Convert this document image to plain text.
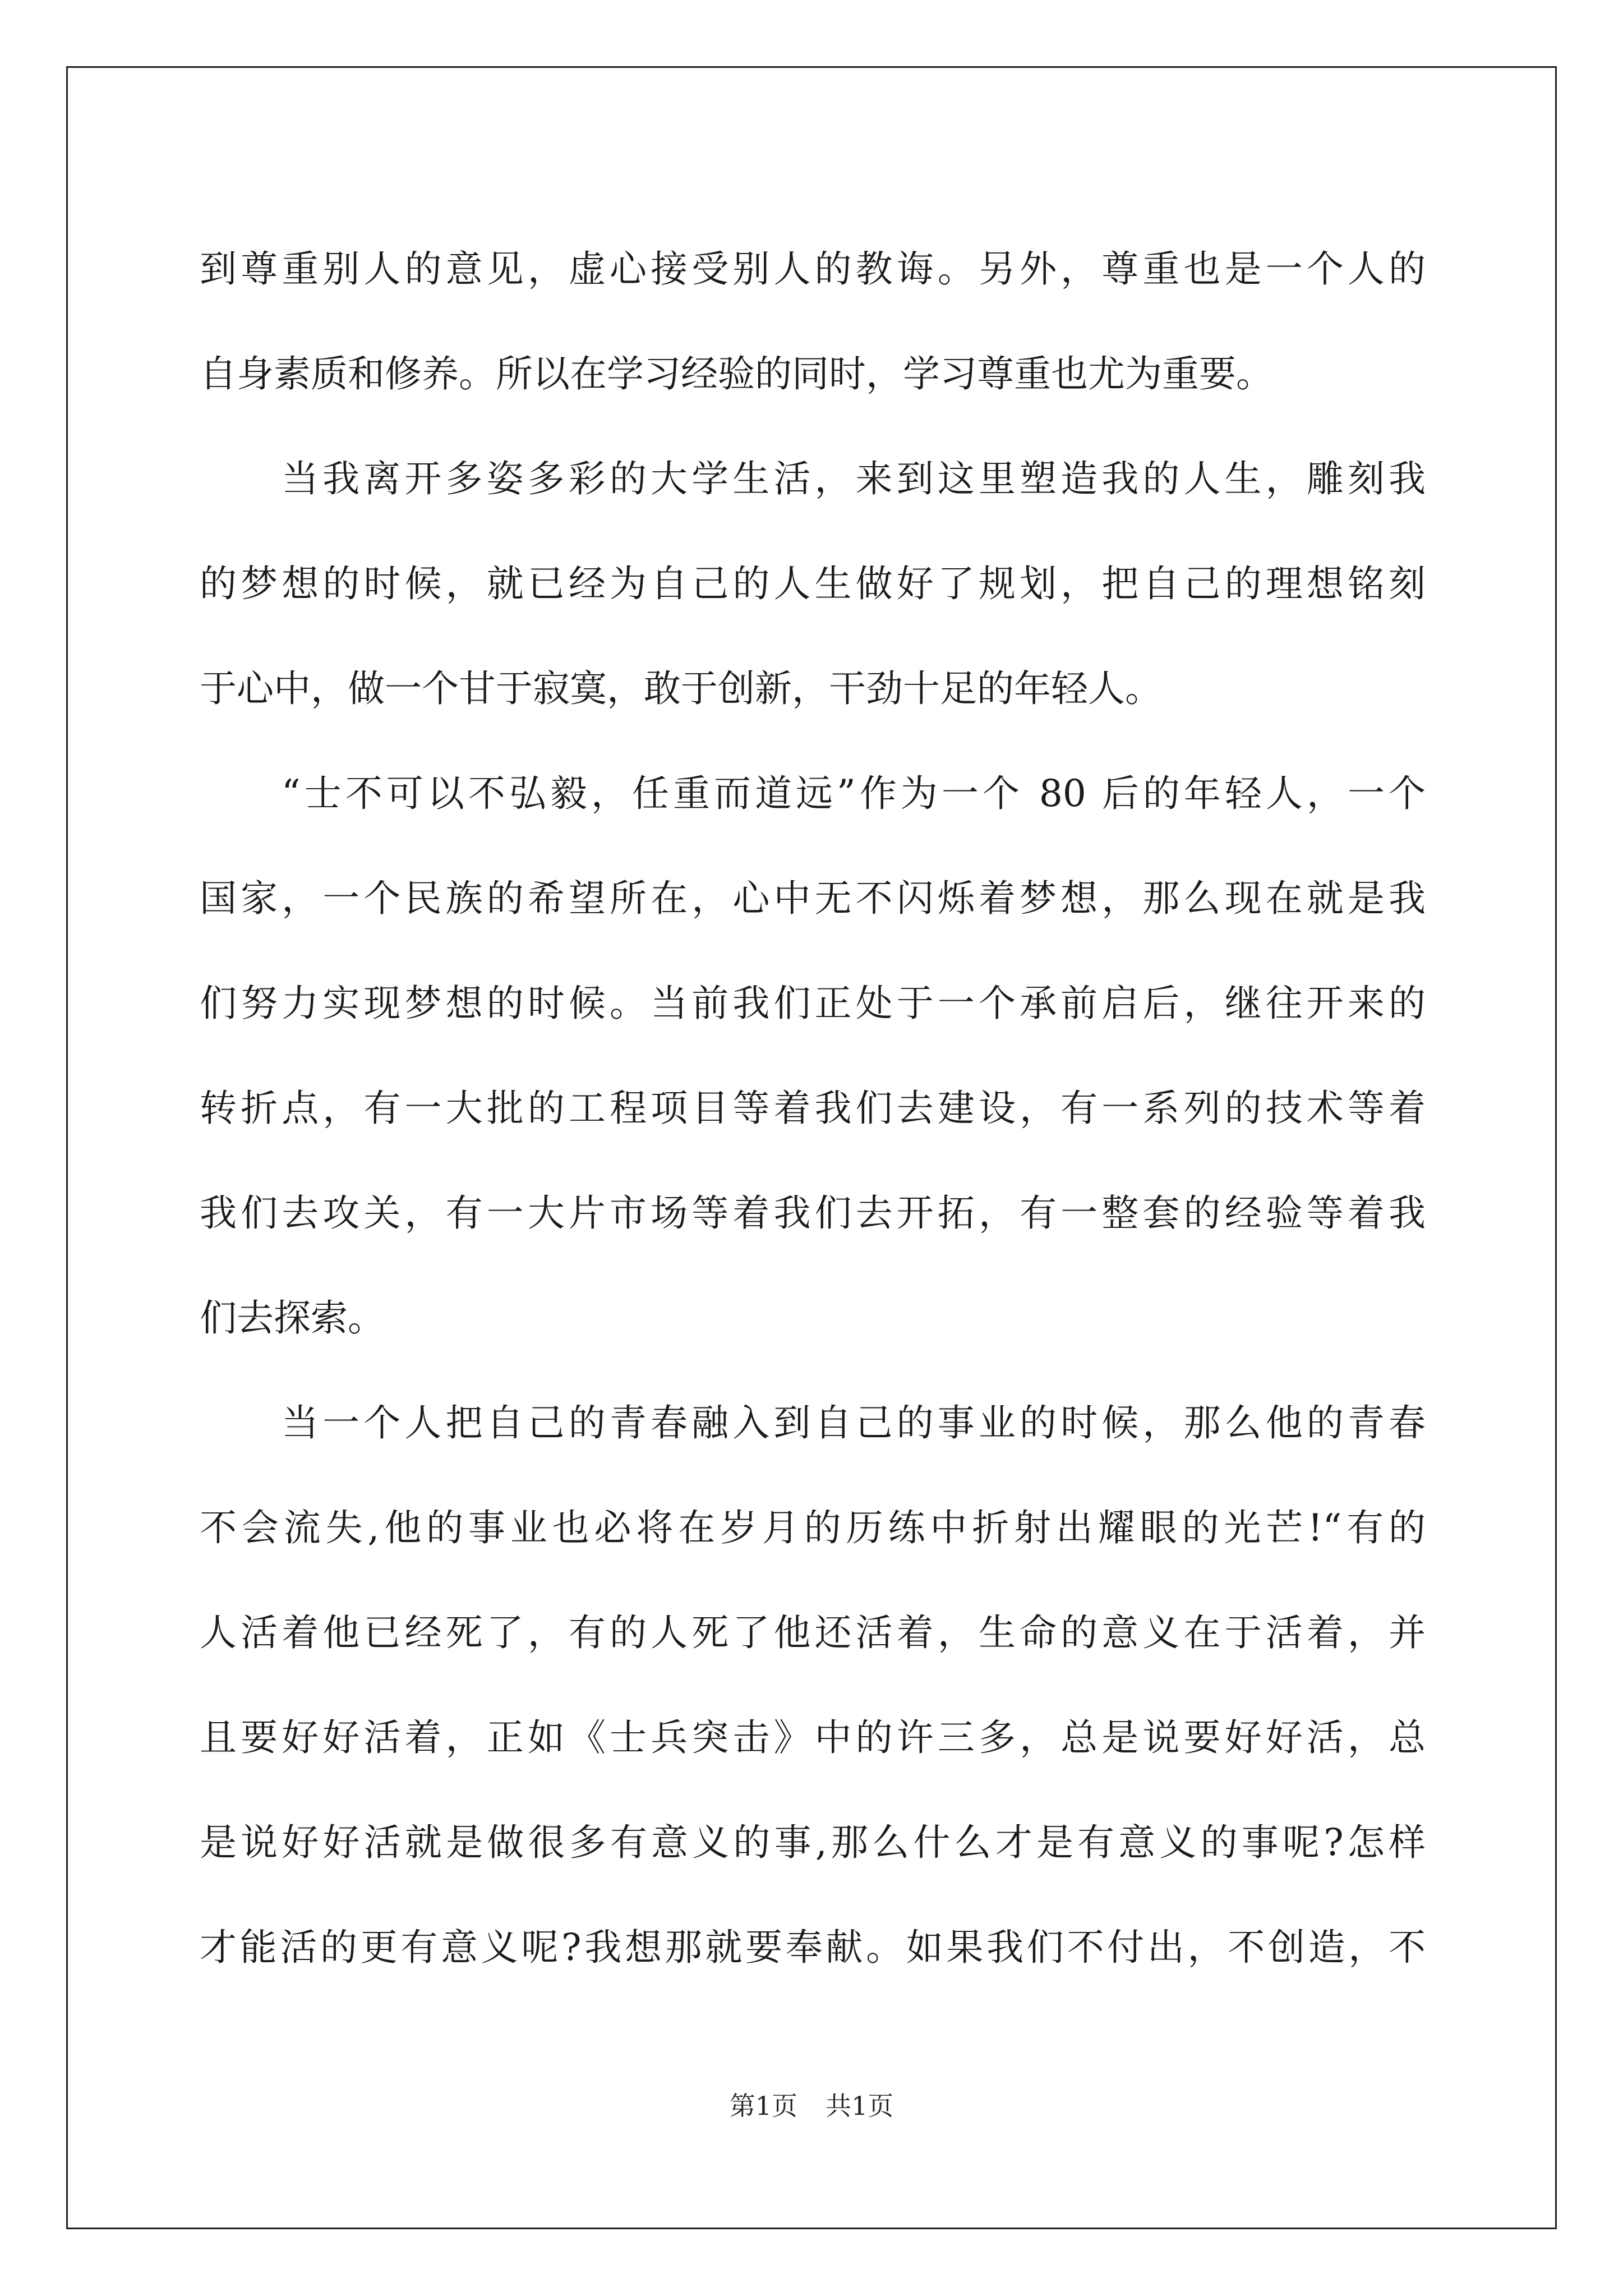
到尊重别人的意见，虚心接受别人的教诲。另外，尊重也是一个人的
自身素质和修养。所以在学习经验的同时，学习尊重也尤为重要。
当我离开多姿多彩的大学生活，来到这里塑造我的人生，雕刻我
的梦想的时候，就已经为自己的人生做好了规划，把自己的理想铭刻
于心中，做一个甘于寂寞，敢于创新，干劲十足的年轻人。
“士不可以不弘毅，任重而道远”作为一个 80 后的年轻人，一个
国家，一个民族的希望所在，心中无不闪烁着梦想，那么现在就是我
们努力实现梦想的时候。当前我们正处于一个承前启后，继往开来的
转折点，有一大批的工程项目等着我们去建设，有一系列的技术等着
我们去攻关，有一大片市场等着我们去开拓，有一整套的经验等着我
们去探索。
当一个人把自己的青春融入到自己的事业的时候，那么他的青春
不会流失,他的事业也必将在岁月的历练中折射出耀眼的光芒!“有的
人活着他已经死了，有的人死了他还活着，生命的意义在于活着，并
且要好好活着，正如《士兵突击》中的许三多，总是说要好好活，总
是说好好活就是做很多有意义的事,那么什么才是有意义的事呢?怎样
才能活的更有意义呢?我想那就要奉献。如果我们不付出，不创造，不
第1页 共1页
